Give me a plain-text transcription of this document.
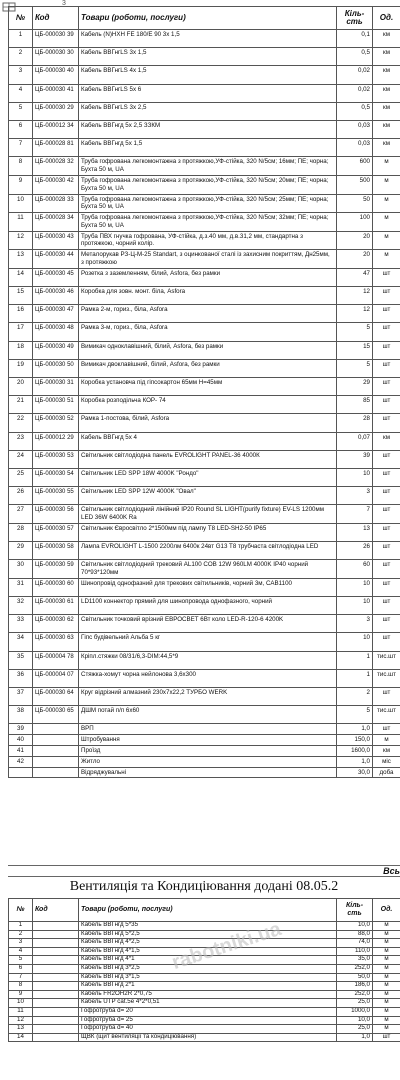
3
№	Код	Товари (роботи, послуги)	Кіль-сть	Од.
1	ЦБ-000030 39	Кабель (N)HXH FE 180/E 90 3x 1,5	0,1	км
2	ЦБ-000030 30	Кабель ВВГнгLS 3х 1,5	0,5	км
3	ЦБ-000030 40	Кабель ВВГнгLS 4х 1,5	0,02	км
4	ЦБ-000030 41	Кабель ВВГнгLS 5х 6	0,02	км
5	ЦБ-000030 29	Кабель ВВГнгLS 3х 2,5	0,5	км
6	ЦБ-000012 34	Кабель ВВГнгд 5х 2,5 ЗЗКМ	0,03	км
7	ЦБ-000028 81	Кабель ВВГнгд 5х 1,5	0,03	км
8	ЦБ-000028 32	Труба гофрована легкомонтажна з протяжкою,УФ-стійка, 320 N/5см; 16мм; ПЕ; чорна; Бухта 50 м, UA	600	м
9	ЦБ-000030 42	Труба гофрована легкомонтажна з протяжкою,УФ-стійка, 320 N/5см; 20мм; ПЕ; чорна; Бухта 50 м, UA	500	м
10	ЦБ-000028 33	Труба гофрована легкомонтажна з протяжкою,УФ-стійка, 320 N/5см; 25мм; ПЕ; чорна; Бухта 50 м, UA	50	м
11	ЦБ-000028 34	Труба гофрована легкомонтажна з протяжкою,УФ-стійка, 320 N/5см; 32мм; ПЕ; чорна; Бухта 50 м, UA	100	м
12	ЦБ-000030 43	Труба ПВХ гнучка гофрована, УФ-стійка, д.з.40 мм, д.в.31,2 мм, стандартна з протяжкою, чорний колір.	20	м
13	ЦБ-000030 44	Металорукав РЗ-Ц-М-25 Standart, з оцинкованої сталі із захисним покриттям, Дн25мм, з протяжкою	20	м
14	ЦБ-000030 45	Розетка з заземленням, білий, Asfora, без рамки	47	шт
15	ЦБ-000030 46	Коробка для зовн. монт. біла, Asfora	12	шт
16	ЦБ-000030 47	Рамка 2-м, гориз., біла, Asfora	12	шт
17	ЦБ-000030 48	Рамка 3-м, гориз., біла, Asfora	5	шт
18	ЦБ-000030 49	Вимикач одноклавішний, білий, Asfora, без рамки	15	шт
19	ЦБ-000030 50	Вимикач двоклавішний, білий, Asfora, без рамки	5	шт
20	ЦБ-000030 31	Коробка установча під гіпсокартон 65мм Н=45мм	29	шт
21	ЦБ-000030 51	Коробка розподільча КОР- 74	85	шт
22	ЦБ-000030 52	Рамка 1-постова, білий, Asfora	28	шт
23	ЦБ-000012 29	Кабель ВВГнгд 5х 4	0,07	км
24	ЦБ-000030 53	Світильник світлодіодна панель EVROLIGHT PANEL-36 4000К	39	шт
25	ЦБ-000030 54	Світильник LED SPP 18W 4000K "Рондо"	10	шт
26	ЦБ-000030 55	Світильник LED SPP 12W 4000K "Овал"	3	шт
27	ЦБ-000030 56	Світильник світлодіодний лінійний IP20 Round SL LIGHT(purify fixture) EV-LS 1200мм LED 36W 6400K Ra	7	шт
28	ЦБ-000030 57	Світильник Євросвітло 2*1500мм під лампу T8 LED-SH2-50 IP65	13	шт
29	ЦБ-000030 58	Лампа EVROLIGHT L-1500 2200лм 6400к 24вт G13 T8 трубчаста світлодіодна LED	26	шт
30	ЦБ-000030 59	Світильник світлодіодний трековий AL100 COB 12W 960LM 4000K IP40 чорний 70*93*120мм	60	шт
31	ЦБ-000030 60	Шинопровід однофазний для трекових світильників, чорний 3м, CAB1100	10	шт
32	ЦБ-000030 61	LD1100 коннектор прямий для шинопровода однофазного, чорний	10	шт
33	ЦБ-000030 62	Світильник точковий врізний ЕВРОСВЕТ 6Вт коло LED-R-120-6 4200K	3	шт
34	ЦБ-000030 63	Гіпс будівельний Альба 5 кг	10	шт
35	ЦБ-000004 78	Кріпл.стяжки 08/31/6,3-DIM:44,5*9	1	тис.шт
36	ЦБ-000004 07	Стяжка-хомут чорна нейлонова 3,6x300	1	тис.шт
37	ЦБ-000030 64	Круг відрізний алмазний 230х7х22,2 ТУРБО WERK	2	шт
38	ЦБ-000030 65	ДШМ потай п/п 6х60	5	тис.шт
39		ВРП	1,0	шт
40		Штробування	150,0	м
41		Проїзд	1600,0	км
42		Житло	1,0	міс
		Відряджувальні	30,0	доба
Всь
Вентиляція та Кондиціювання додані 08.05.2
№	Код	Товари (роботи, послуги)	Кіль-сть	Од.
1		Кабель ВВГнгд 5*35	10,0	м
2		Кабель ВВГнгд 5*2,5	88,0	м
3		Кабель ВВГнгд 4*2,5	74,0	м
4		Кабель ВВГнгд 4*1,5	110,0	м
5		Кабель ВВГнгд 4*1	35,0	м
6		Кабель ВВГнгд 3*2,5	252,0	м
7		Кабель ВВГнгд 3*1,5	50,0	м
8		Кабель ВВГнгд 2*1	186,0	м
9		Кабель FR2OH2R 2*0,75	252,0	м
10		Кабель UTP cat.5e 4*2*0,51	25,0	м
11		Гофротруба d= 20	1000,0	м
12		Гофротруба d= 25	10,0	м
13		Гофротруба d= 40	25,0	м
14		ЩВК (щит вентиляції та кондиціювання)	1,0	шт
rabotniki.ua
